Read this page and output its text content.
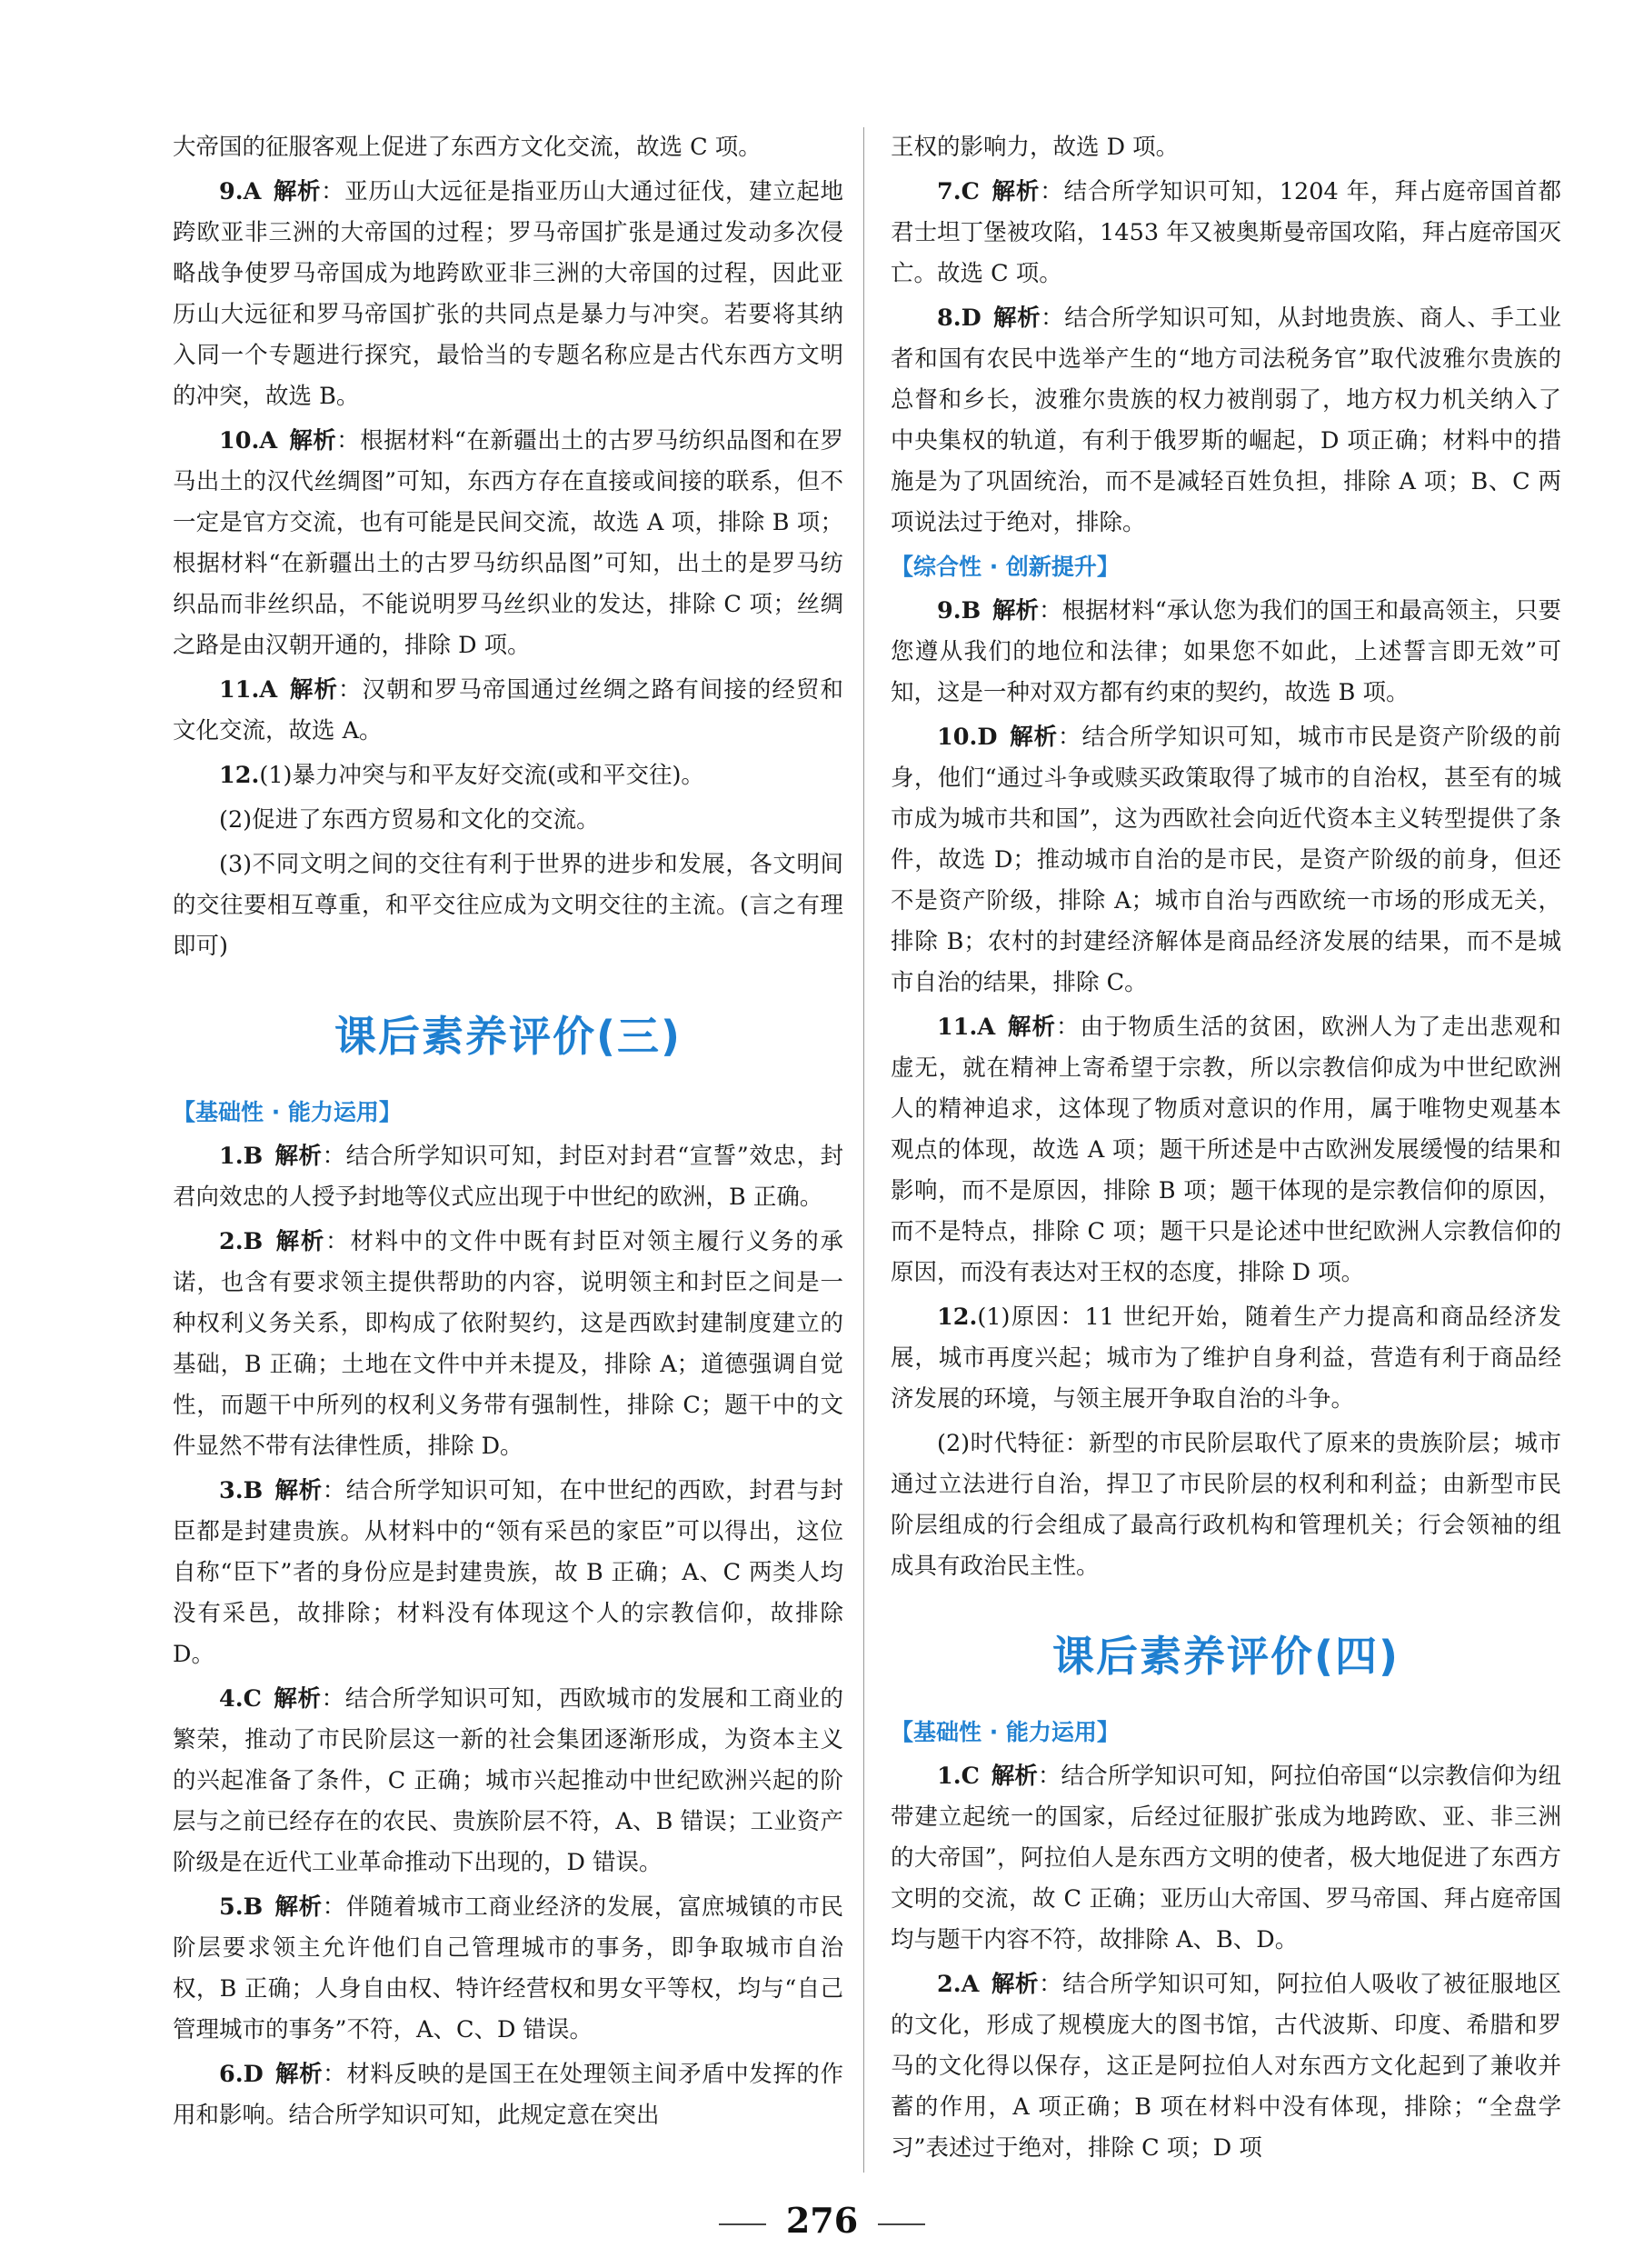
大帝国的征服客观上促进了东西方文化交流，故选 C 项。

9.A  解析：亚历山大远征是指亚历山大通过征伐，建立起地跨欧亚非三洲的大帝国的过程；罗马帝国扩张是通过发动多次侵略战争使罗马帝国成为地跨欧亚非三洲的大帝国的过程，因此亚历山大远征和罗马帝国扩张的共同点是暴力与冲突。若要将其纳入同一个专题进行探究，最恰当的专题名称应是古代东西方文明的冲突，故选 B。

10.A  解析：根据材料“在新疆出土的古罗马纺织品图和在罗马出土的汉代丝绸图”可知，东西方存在直接或间接的联系，但不一定是官方交流，也有可能是民间交流，故选 A 项，排除 B 项；根据材料“在新疆出土的古罗马纺织品图”可知，出土的是罗马纺织品而非丝织品，不能说明罗马丝织业的发达，排除 C 项；丝绸之路是由汉朝开通的，排除 D 项。

11.A  解析：汉朝和罗马帝国通过丝绸之路有间接的经贸和文化交流，故选 A。

12.(1)暴力冲突与和平友好交流(或和平交往)。

(2)促进了东西方贸易和文化的交流。

(3)不同文明之间的交往有利于世界的进步和发展，各文明间的交往要相互尊重，和平交往应成为文明交往的主流。(言之有理即可)

课后素养评价(三)
【基础性 · 能力运用】

1.B  解析：结合所学知识可知，封臣对封君“宣誓”效忠，封君向效忠的人授予封地等仪式应出现于中世纪的欧洲，B 正确。

2.B  解析：材料中的文件中既有封臣对领主履行义务的承诺，也含有要求领主提供帮助的内容，说明领主和封臣之间是一种权利义务关系，即构成了依附契约，这是西欧封建制度建立的基础，B 正确；土地在文件中并未提及，排除 A；道德强调自觉性，而题干中所列的权利义务带有强制性，排除 C；题干中的文件显然不带有法律性质，排除 D。

3.B  解析：结合所学知识可知，在中世纪的西欧，封君与封臣都是封建贵族。从材料中的“领有采邑的家臣”可以得出，这位自称“臣下”者的身份应是封建贵族，故 B 正确；A、C 两类人均没有采邑，故排除；材料没有体现这个人的宗教信仰，故排除 D。

4.C  解析：结合所学知识可知，西欧城市的发展和工商业的繁荣，推动了市民阶层这一新的社会集团逐渐形成，为资本主义的兴起准备了条件，C 正确；城市兴起推动中世纪欧洲兴起的阶层与之前已经存在的农民、贵族阶层不符，A、B 错误；工业资产阶级是在近代工业革命推动下出现的，D 错误。

5.B  解析：伴随着城市工商业经济的发展，富庶城镇的市民阶层要求领主允许他们自己管理城市的事务，即争取城市自治权，B 正确；人身自由权、特许经营权和男女平等权，均与“自己管理城市的事务”不符，A、C、D 错误。

6.D  解析：材料反映的是国王在处理领主间矛盾中发挥的作用和影响。结合所学知识可知，此规定意在突出

王权的影响力，故选 D 项。

7.C  解析：结合所学知识可知，1204 年，拜占庭帝国首都君士坦丁堡被攻陷，1453 年又被奥斯曼帝国攻陷，拜占庭帝国灭亡。故选 C 项。

8.D  解析：结合所学知识可知，从封地贵族、商人、手工业者和国有农民中选举产生的“地方司法税务官”取代波雅尔贵族的总督和乡长，波雅尔贵族的权力被削弱了，地方权力机关纳入了中央集权的轨道，有利于俄罗斯的崛起，D 项正确；材料中的措施是为了巩固统治，而不是减轻百姓负担，排除 A 项；B、C 两项说法过于绝对，排除。

【综合性 · 创新提升】

9.B  解析：根据材料“承认您为我们的国王和最高领主，只要您遵从我们的地位和法律；如果您不如此，上述誓言即无效”可知，这是一种对双方都有约束的契约，故选 B 项。

10.D  解析：结合所学知识可知，城市市民是资产阶级的前身，他们“通过斗争或赎买政策取得了城市的自治权，甚至有的城市成为城市共和国”，这为西欧社会向近代资本主义转型提供了条件，故选 D；推动城市自治的是市民，是资产阶级的前身，但还不是资产阶级，排除 A；城市自治与西欧统一市场的形成无关，排除 B；农村的封建经济解体是商品经济发展的结果，而不是城市自治的结果，排除 C。

11.A  解析：由于物质生活的贫困，欧洲人为了走出悲观和虚无，就在精神上寄希望于宗教，所以宗教信仰成为中世纪欧洲人的精神追求，这体现了物质对意识的作用，属于唯物史观基本观点的体现，故选 A 项；题干所述是中古欧洲发展缓慢的结果和影响，而不是原因，排除 B 项；题干体现的是宗教信仰的原因，而不是特点，排除 C 项；题干只是论述中世纪欧洲人宗教信仰的原因，而没有表达对王权的态度，排除 D 项。

12.(1)原因：11 世纪开始，随着生产力提高和商品经济发展，城市再度兴起；城市为了维护自身利益，营造有利于商品经济发展的环境，与领主展开争取自治的斗争。

(2)时代特征：新型的市民阶层取代了原来的贵族阶层；城市通过立法进行自治，捍卫了市民阶层的权利和利益；由新型市民阶层组成的行会组成了最高行政机构和管理机关；行会领袖的组成具有政治民主性。

课后素养评价(四)
【基础性 · 能力运用】

1.C  解析：结合所学知识可知，阿拉伯帝国“以宗教信仰为纽带建立起统一的国家，后经过征服扩张成为地跨欧、亚、非三洲的大帝国”，阿拉伯人是东西方文明的使者，极大地促进了东西方文明的交流，故 C 正确；亚历山大帝国、罗马帝国、拜占庭帝国均与题干内容不符，故排除 A、B、D。

2.A  解析：结合所学知识可知，阿拉伯人吸收了被征服地区的文化，形成了规模庞大的图书馆，古代波斯、印度、希腊和罗马的文化得以保存，这正是阿拉伯人对东西方文化起到了兼收并蓄的作用，A 项正确；B 项在材料中没有体现，排除；“全盘学习”表述过于绝对，排除 C 项；D 项

276
